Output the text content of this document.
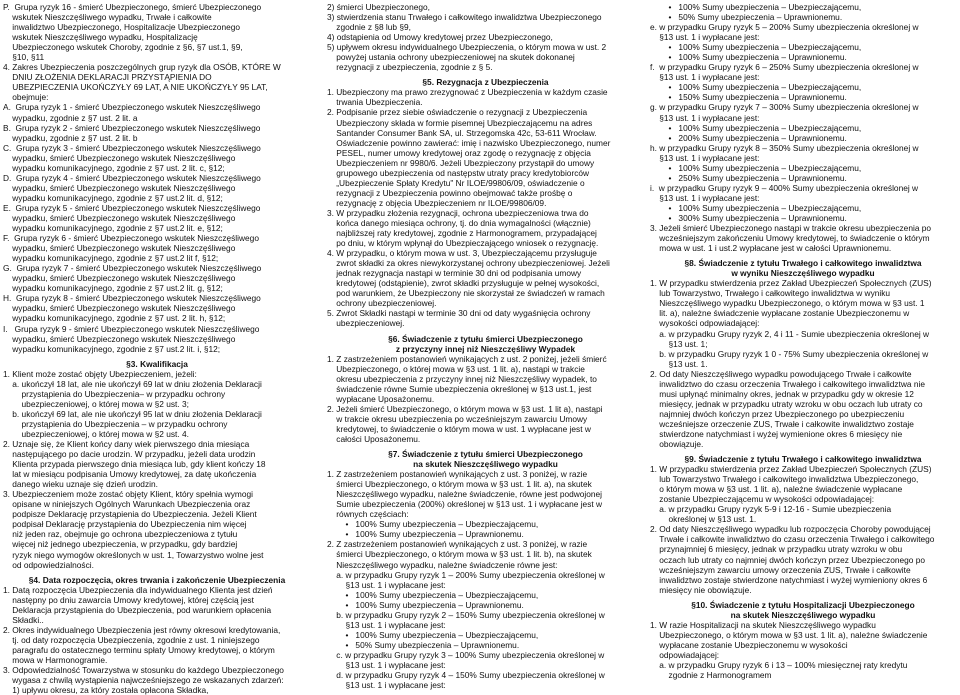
P.  Grupa ryzyk 16 - śmierć Ubezpieczonego, śmierć Ubezpieczonego
wskutek Nieszczęśliwego wypadku, Trwałe i całkowite
inwalidztwo Ubezpieczonego, Hospitalizacje Ubezpieczonego
wskutek Nieszczęśliwego wypadku, Hospitalizację
Ubezpieczonego wskutek Choroby, zgodnie z §6, §7 ust.1, §9,
§10, §11

4. Zakres Ubezpieczenia poszczególnych grup ryzyk dla OSÓB, KTÓRE W
DNIU ZŁOŻENIA DEKLARACJI PRZYSTĄPIENIA DO
UBEZPIECZENIA UKOŃCZYŁY 69 LAT, A NIE UKOŃCZYŁY 95 LAT,
obejmuje:

A.  Grupa ryzyk 1 - śmierć Ubezpieczonego wskutek Nieszczęśliwego
wypadku, zgodnie z §7 ust. 2 lit. a
B.  Grupa ryzyk 2 - śmierć Ubezpieczonego wskutek Nieszczęśliwego
wypadku, zgodnie z §7 ust. 2 lit. b
C.  Grupa ryzyk 3 - śmierć Ubezpieczonego wskutek Nieszczęśliwego
wypadku, śmierć Ubezpieczonego wskutek Nieszczęśliwego
wypadku komunikacyjnego, zgodnie z §7 ust. 2 lit. c, §12;
D.  Grupa ryzyk 4 - śmierć Ubezpieczonego wskutek Nieszczęśliwego
wypadku, śmierć Ubezpieczonego wskutek Nieszczęśliwego
wypadku komunikacyjnego, zgodnie z §7 ust.2 lit. d, §12;
E.  Grupa ryzyk 5 - śmierć Ubezpieczonego wskutek Nieszczęśliwego
wypadku, śmierć Ubezpieczonego wskutek Nieszczęśliwego
wypadku komunikacyjnego, zgodnie z §7 ust.2 lit. e, §12;
F.  Grupa ryzyk 6 - śmierć Ubezpieczonego wskutek Nieszczęśliwego
wypadku, śmierć Ubezpieczonego wskutek Nieszczęśliwego
wypadku komunikacyjnego, zgodnie z §7 ust.2 lit f, §12;
G.  Grupa ryzyk 7 - śmierć Ubezpieczonego wskutek Nieszczęśliwego
wypadku, śmierć Ubezpieczonego wskutek Nieszczęśliwego
wypadku komunikacyjnego, zgodnie z §7 ust.2 lit. g, §12;
H.  Grupa ryzyk 8 - śmierć Ubezpieczonego wskutek Nieszczęśliwego
wypadku, śmierć Ubezpieczonego wskutek Nieszczęśliwego
wypadku komunikacyjnego, zgodnie z §7 ust. 2 lit. h, §12;
I.   Grupa ryzyk 9 - śmierć Ubezpieczonego wskutek Nieszczęśliwego
wypadku, śmierć Ubezpieczonego wskutek Nieszczęśliwego
wypadku komunikacyjnego, zgodnie z §7 ust.2 lit. i, §12;

§3. Kwalifikacja

1. Klient może zostać objęty Ubezpieczeniem, jeżeli:
a. ukończył 18 lat, ale nie ukończył 69 lat w dniu złożenia Deklaracji
przystąpienia do Ubezpieczenia– w przypadku ochrony
ubezpieczeniowej, o której mowa w §2 ust. 3;
b. ukończył 69 lat, ale nie ukończył 95 lat w dniu złożenia Deklaracji
przystąpienia do Ubezpieczenia – w przypadku ochrony
ubezpieczeniowej, o której mowa w §2 ust. 4.
2. Uznaje się, że Klient końcy dany wiek pierwszego dnia miesiąca
następującego po dacie urodzin. W przypadku, jeżeli data urodzin
Klienta przypada pierwszego dnia miesiąca lub, gdy klient kończy 18
lat w miesiącu podpisania Umowy kredytowej, za datę ukończenia
danego wieku uznaje się dzień urodzin.
3. Ubezpieczeniem może zostać objęty Klient, który spełnia wymogi
opisane w niniejszych Ogólnych Warunkach Ubezpieczenia oraz
podpisze Deklarację przystąpienia do Ubezpieczenia. Jeżeli Klient
podpisał Deklarację przystąpienia do Ubezpieczenia nim więcej
niż jeden raz, obejmuje go ochrona ubezpieczeniowa z tytułu
więcej niż jednego ubezpieczenia, w przypadku, gdy bardziej
ryzyk niego wymogów określonych w ust. 1, Towarzystwo wolne jest
od odpowiedzialności.

§4. Data rozpoczęcia, okres trwania i zakończenie Ubezpieczenia

1. Datą rozpoczęcia Ubezpieczenia dla indywidualnego Klienta jest dzień
następny po dniu zawarcia Umowy kredytowej, której częścią jest
Deklaracja przystąpienia do Ubezpieczenia, pod warunkiem opłacenia
Składki..
2. Okres indywidualnego Ubezpieczenia jest równy okresowi kredytowania,
tj. od daty rozpoczęcia Ubezpieczenia, zgodnie z ust. 1 niniejszego
paragrafu do ostatecznego terminu spłaty Umowy kredytowej, o którym
mowa w Harmonogramie.
3. Odpowiedzialność Towarzystwa w stosunku do każdego Ubezpieczonego
wygasa z chwilą wystąpienia najwcześniejszego ze wskazanych zdarzeń:
1) upływu okresu, za który została opłacona Składka,

2) śmierci Ubezpieczonego,
3) stwierdzenia stanu Trwałego i całkowitego inwalidztwa Ubezpieczonego
zgodnie z §8 lub §9,
4) odstąpienia od Umowy kredytowej przez Ubezpieczonego,
5) upływem okresu indywidualnego Ubezpieczenia, o którym mowa w ust. 2
powyżej ustania ochrony ubezpieczeniowej na skutek dokonanej
rezygnacji z ubezpieczenia, zgodnie z § 5.

§5. Rezygnacja z Ubezpieczenia

1. Ubezpieczony ma prawo zrezygnować z Ubezpieczenia w każdym czasie
trwania Ubezpieczenia.
2. Podpisanie przez siebie oświadczenie o rezygnacji z Ubezpieczenia
Ubezpieczony składa w formie pisemnej Ubezpieczającemu na adres
Santander Consumer Bank SA, ul. Strzegomska 42c, 53-611 Wrocław.
Oświadczenie powinno zawierać: imię i nazwisko Ubezpieczonego, numer
PESEL, numer umowy kredytowej oraz zgodę o rezygnację z objęcia
Ubezpieczeniem nr 9980/6. Jeżeli Ubezpieczony przystąpił do umowy
grupowego ubezpieczenia od następstw utraty pracy kredytobiorców
„Ubezpieczenie Spłaty Kredytu" Nr ILOE/99806/09, oświadczenie o
rezygnacji z Ubezpieczenia powinno obejmować także prośbę o
rezygnację z objęcia Ubezpieczeniem nr ILOE/99806/09.
3. W przypadku złożenia rezygnacji, ochrona ubezpieczeniowa trwa do
końca danego miesiąca ochrony, tj. do dnia wymagalności (włącznie)
najbliższej raty kredytowej, zgodnie z Harmonogramem, przypadającej
po dniu, w którym wpłynął do Ubezpieczającego wniosek o rezygnację.
4. W przypadku, o którym mowa w ust. 3, Ubezpieczającemu przysługuje
zwrot składki za okres niewykorzystanej ochrony ubezpieczeniowej. Jeżeli
jednak rezygnacja nastąpi w terminie 30 dni od podpisania umowy
kredytowej (odstąpienie), zwrot składki przysługuje w pełnej wysokości,
pod warunkiem, że Ubezpieczony nie skorzystał ze świadczeń w ramach
ochrony ubezpieczeniowej.
5. Zwrot Składki nastąpi w terminie 30 dni od daty wygaśnięcia ochrony
ubezpieczeniowej.

§6. Świadczenie z tytułu śmierci Ubezpieczonego
z przyczyny innej niż Nieszczęśliwy Wypadek

1. Z zastrzeżeniem postanowień wynikających z ust. 2 poniżej, jeżeli śmierć
Ubezpieczonego, o której mowa w §3 ust. 1 lit. a), nastąpi w trakcie
okresu ubezpieczenia z przyczyny innej niż Nieszczęśliwy wypadek, to
świadczenie równe Sumie ubezpieczenia określonej w §13 ust.1, jest
wypłacane Uposażonemu.
2. Jeżeli śmierć Ubezpieczonego, o którym mowa w §3 ust. 1 lit a), nastąpi
w trakcie okresu ubezpieczenia po wcześniejszym zawarciu Umowy
kredytowej, to świadczenie o którym mowa w ust. 1 wypłacane jest w
całości Uposażonemu.

§7. Świadczenie z tytułu śmierci Ubezpieczonego
na skutek Nieszczęśliwego wypadku

1. Z zastrzeżeniem postanowień wynikających z ust. 3 poniżej, w razie
śmierci Ubezpieczonego, o którym mowa w §3 ust. 1 lit. a), na skutek
Nieszczęśliwego wypadku, należne świadczenie, równe jest podwojonej
Sumie ubezpieczenia (200%) określonej w §13 ust. 1 i wypłacane jest w
równych częściach:
•   100% Sumy ubezpieczenia – Ubezpieczającemu,
•   100% Sumy ubezpieczenia – Uprawnionemu.
2. Z zastrzeżeniem postanowień wynikających z ust. 3 poniżej, w razie
śmierci Ubezpieczonego, o którym mowa w §3 ust. 1 lit. b), na skutek
Nieszczęśliwego wypadku, należne świadczenie równe jest:
a. w przypadku Grupy ryzyk 1 – 200% Sumy ubezpieczenia określonej w
§13 ust. 1 i wypłacane jest:
•   100% Sumy ubezpieczenia – Ubezpieczającemu,
•   100% Sumy ubezpieczenia – Uprawnionemu.
b. w przypadku Grupy ryzyk 2 – 150% Sumy ubezpieczenia określonej w
§13 ust. 1 i wypłacane jest:
•   100% Sumy ubezpieczenia – Ubezpieczającemu,
•   50% Sumy ubezpieczenia – Uprawnionemu.
c. w przypadku Grupy ryzyk 3 – 100% Sumy ubezpieczenia określonej w
§13 ust. 1 i wypłacane jest:
d. w przypadku Grupy ryzyk 4 – 150% Sumy ubezpieczenia określonej w
§13 ust. 1 i wypłacane jest:

•   100% Sumy ubezpieczenia – Ubezpieczającemu,
•   50% Sumy ubezpieczenia – Uprawnionemu.
e. w przypadku Grupy ryzyk 5 – 200% Sumy ubezpieczenia określonej w
§13 ust. 1 i wypłacane jest:
•   100% Sumy ubezpieczenia – Ubezpieczającemu,
•   100% Sumy ubezpieczenia – Uprawnionemu.
f.  w przypadku Grupy ryzyk 6 – 250% Sumy ubezpieczenia określonej w
§13 ust. 1 i wypłacane jest:
•   100% Sumy ubezpieczenia – Ubezpieczającemu,
•   150% Sumy ubezpieczenia – Uprawnionemu.
g. w przypadku Grupy ryzyk 7 – 300% Sumy ubezpieczenia określonej w
§13 ust. 1 i wypłacane jest:
•   100% Sumy ubezpieczenia – Ubezpieczającemu,
•   200% Sumy ubezpieczenia – Uprawnionemu.
h. w przypadku Grupy ryzyk 8 – 350% Sumy ubezpieczenia określonej w
§13 ust. 1 i wypłacane jest:
•   100% Sumy ubezpieczenia – Ubezpieczającemu,
•   250% Sumy ubezpieczenia – Uprawnionemu.
i.  w przypadku Grupy ryzyk 9 – 400% Sumy ubezpieczenia określonej w
§13 ust. 1 i wypłacane jest:
•   100% Sumy ubezpieczenia – Ubezpieczającemu,
•   300% Sumy ubezpieczenia – Uprawnionemu.
3. Jeżeli śmierć Ubezpieczonego nastąpi w trakcie okresu ubezpieczenia po
wcześniejszym zakończeniu Umowy kredytowej, to świadczenie o którym
mowa w ust. 1 i ust.2 wypłacane jest w całości Uprawnionemu.

§8. Świadczenie z tytułu Trwałego i całkowitego inwalidztwa
w wyniku Nieszczęśliwego wypadku

1. W przypadku stwierdzenia przez Zakład Ubezpieczeń Społecznych (ZUS)
lub Towarzystwo, Trwałego i całkowitego inwalidztwa w wyniku
Nieszczęśliwego wypadku Ubezpieczonego, o którym mowa w §3 ust. 1
lit. a), należne świadczenie wypłacane zostanie Ubezpieczonemu w
wysokości odpowiadającej:
a. w przypadku Grupy ryzyk 2, 4 i 11 - Sumie ubezpieczenia określonej w
§13 ust. 1;
b. w przypadku Grupy ryzyk 1 0 - 75% Sumy ubezpieczenia określonej w
§13 ust. 1.
2. Od daty Nieszczęśliwego wypadku powodującego Trwałe i całkowite
inwalidztwo do czasu orzeczenia Trwałego i całkowitego inwalidztwa nie
musi upłynąć minimalny okres, jednak w przypadku gdy w okresie 12
miesięcy, jednak w przypadku utraty wzroku w obu oczach lub utraty co
najmniej dwóch kończyn przez Ubezpieczonego po ubezpieczeniu
wcześniejsze orzeczenie ZUS, Trwałe i całkowite inwalidztwo zostaje
stwierdzone natychmiast i wyżej wymienione okres 6 miesięcy nie
obowiązuje.

§9. Świadczenie z tytułu Trwałego i całkowitego inwalidztwa

1. W przypadku stwierdzenia przez Zakład Ubezpieczeń Społecznych (ZUS)
lub Towarzystwo Trwałego i całkowitego inwalidztwa Ubezpieczonego,
o którym mowa w §3 ust. 1 lit. a), należne świadczenie wypłacane
zostanie Ubezpieczającemu w wysokości odpowiadającej:
a. w przypadku Grupy ryzyk 5-9 i 12-16 - Sumie ubezpieczenia
określonej w §13 ust. 1.
2. Od daty Nieszczęśliwego wypadku lub rozpoczęcia Choroby powodującej
Trwałe i całkowite inwalidztwo do czasu orzeczenia Trwałego i całkowitego
przynajmniej 6 miesięcy, jednak w przypadku utraty wzroku w obu
oczach lub utraty co najmniej dwóch kończyn przez Ubezpieczonego po
wcześniejszym zawarciu umowy orzeczenia ZUS, Trwałe i całkowite
inwalidztwo zostaje stwierdzone natychmiast i wyżej wymieniony okres 6
miesięcy nie obowiązuje.

§10. Świadczenie z tytułu Hospitalizacji Ubezpieczonego
na skutek Nieszczęśliwego wypadku

1. W razie Hospitalizacji na skutek Nieszczęśliwego wypadku
Ubezpieczonego, o którym mowa w §3 ust. 1 lit. a), należne świadczenie
wypłacane zostanie Ubezpieczonemu w wysokości
odpowiadającej:
a. w przypadku Grupy ryzyk 6 i 13 – 100% miesięcznej raty kredytu
zgodnie z Harmonogramem
